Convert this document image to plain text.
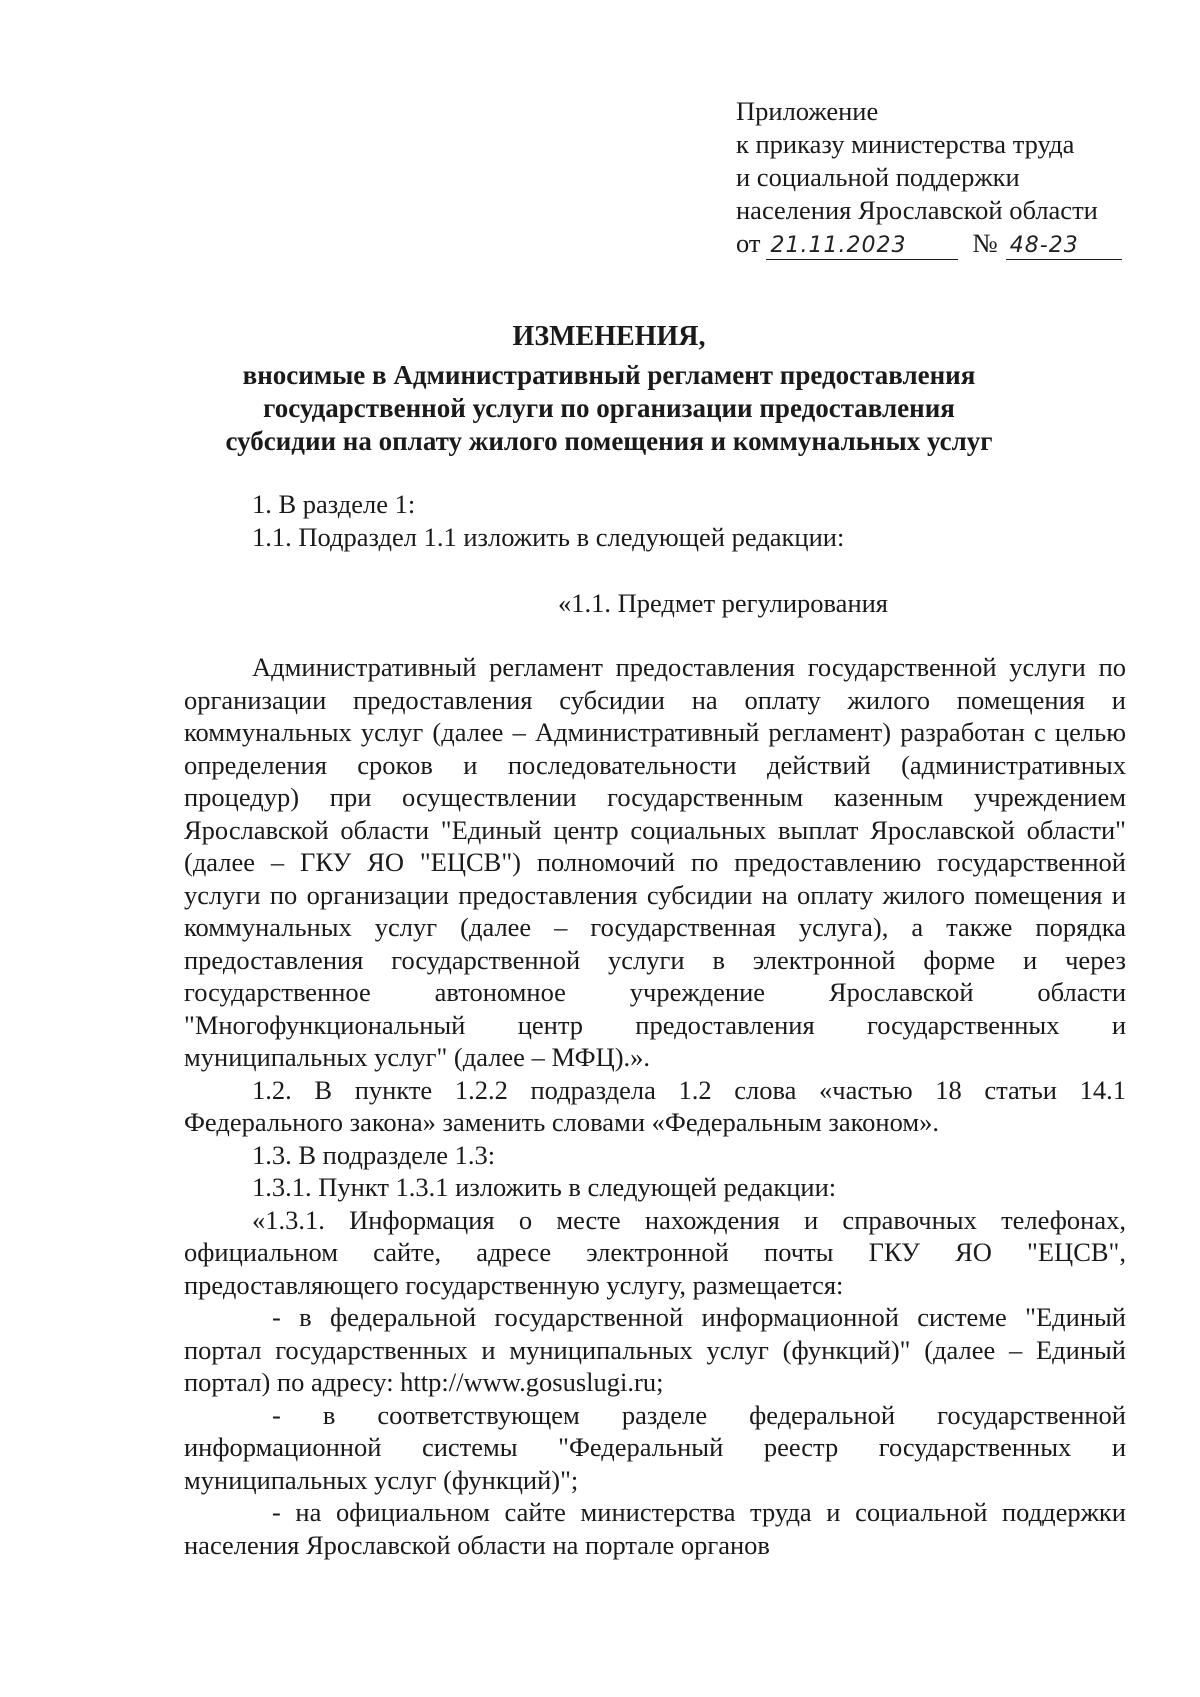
Приложение
к приказу министерства труда
и социальной поддержки
населения Ярославской области
от 21.11.2023	№ 48-23
ИЗМЕНЕНИЯ,
вносимые в Административный регламент предоставления
государственной услуги по организации предоставления
субсидии на оплату жилого помещения и коммунальных услуг
1. В разделе 1:
1.1. Подраздел 1.1 изложить в следующей редакции:
«1.1. Предмет регулирования
Административный регламент предоставления государственной услуги по организации предоставления субсидии на оплату жилого помещения и коммунальных услуг (далее – Административный регламент) разработан с целью определения сроков и последовательности действий (административных процедур) при осуществлении государственным казенным учреждением Ярославской области "Единый центр социальных выплат Ярославской области" (далее – ГКУ ЯО "ЕЦСВ") полномочий по предоставлению государственной услуги по организации предоставления субсидии на оплату жилого помещения и коммунальных услуг (далее – государственная услуга), а также порядка предоставления государственной услуги в электронной форме и через государственное автономное учреждение Ярославской области "Многофункциональный центр предоставления государственных и муниципальных услуг" (далее – МФЦ).».
1.2. В пункте 1.2.2 подраздела 1.2 слова «частью 18 статьи 14.1 Федерального закона» заменить словами «Федеральным законом».
1.3. В подразделе 1.3:
1.3.1. Пункт 1.3.1 изложить в следующей редакции:
«1.3.1. Информация о месте нахождения и справочных телефонах, официальном сайте, адресе электронной почты ГКУ ЯО "ЕЦСВ", предоставляющего государственную услугу, размещается:
- в федеральной государственной информационной системе "Единый портал государственных и муниципальных услуг (функций)" (далее – Единый портал) по адресу: http://www.gosuslugi.ru;
- в соответствующем разделе федеральной государственной информационной системы "Федеральный реестр государственных и муниципальных услуг (функций)";
- на официальном сайте министерства труда и социальной поддержки населения Ярославской области на портале органов
